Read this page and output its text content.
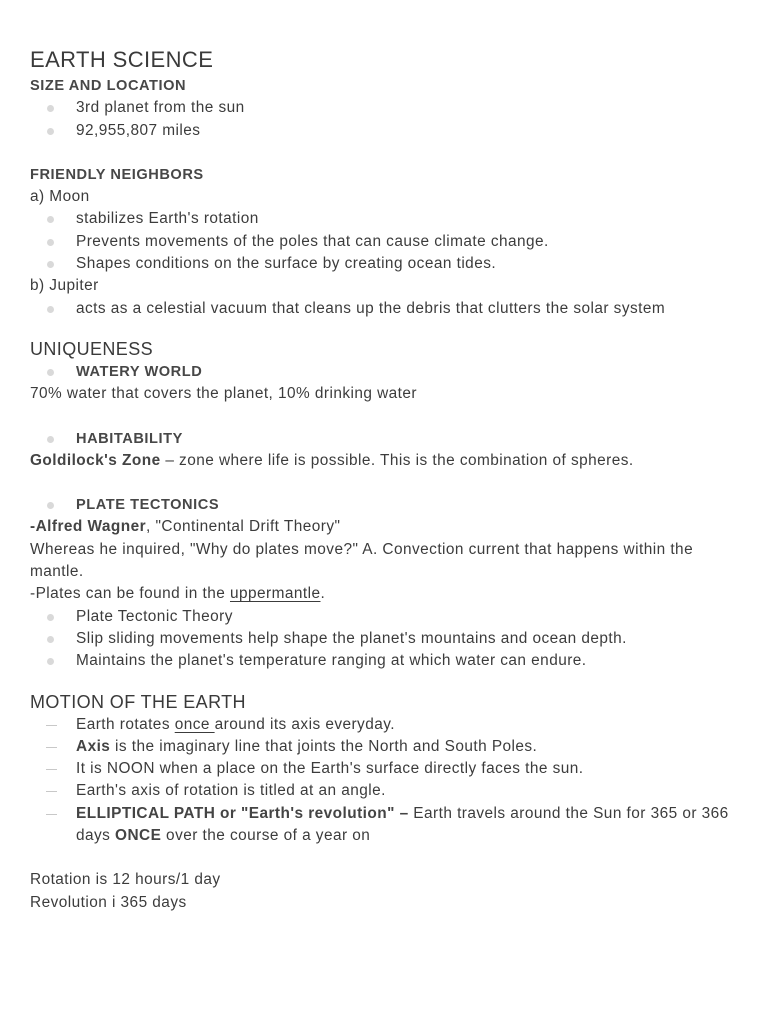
EARTH SCIENCE
SIZE AND LOCATION
3rd planet from the sun
92,955,807 miles
FRIENDLY NEIGHBORS
a) Moon
stabilizes Earth's rotation
Prevents movements of the poles that can cause climate change.
Shapes conditions on the surface by creating ocean tides.
b) Jupiter
acts as a celestial vacuum that cleans up the debris that clutters the solar system
UNIQUENESS
WATERY WORLD
70% water that covers the planet, 10% drinking water
HABITABILITY
Goldilock's Zone – zone where life is possible. This is the combination of spheres.
PLATE TECTONICS
-Alfred Wagner, "Continental Drift Theory"
Whereas he inquired, "Why do plates move?" A. Convection current that happens within the
mantle.
-Plates can be found in the uppermantle.
Plate Tectonic Theory
Slip sliding movements help shape the planet's mountains and ocean depth.
Maintains the planet's temperature ranging at which water can endure.
MOTION OF THE EARTH
Earth rotates once around its axis everyday.
Axis is the imaginary line that joints the North and South Poles.
It is NOON when a place on the Earth's surface directly faces the sun.
Earth's axis of rotation is titled at an angle.
ELLIPTICAL PATH or "Earth's revolution" – Earth travels around the Sun for 365 or 366
days ONCE over the course of a year on
Rotation is 12 hours/1 day
Revolution i 365 days
